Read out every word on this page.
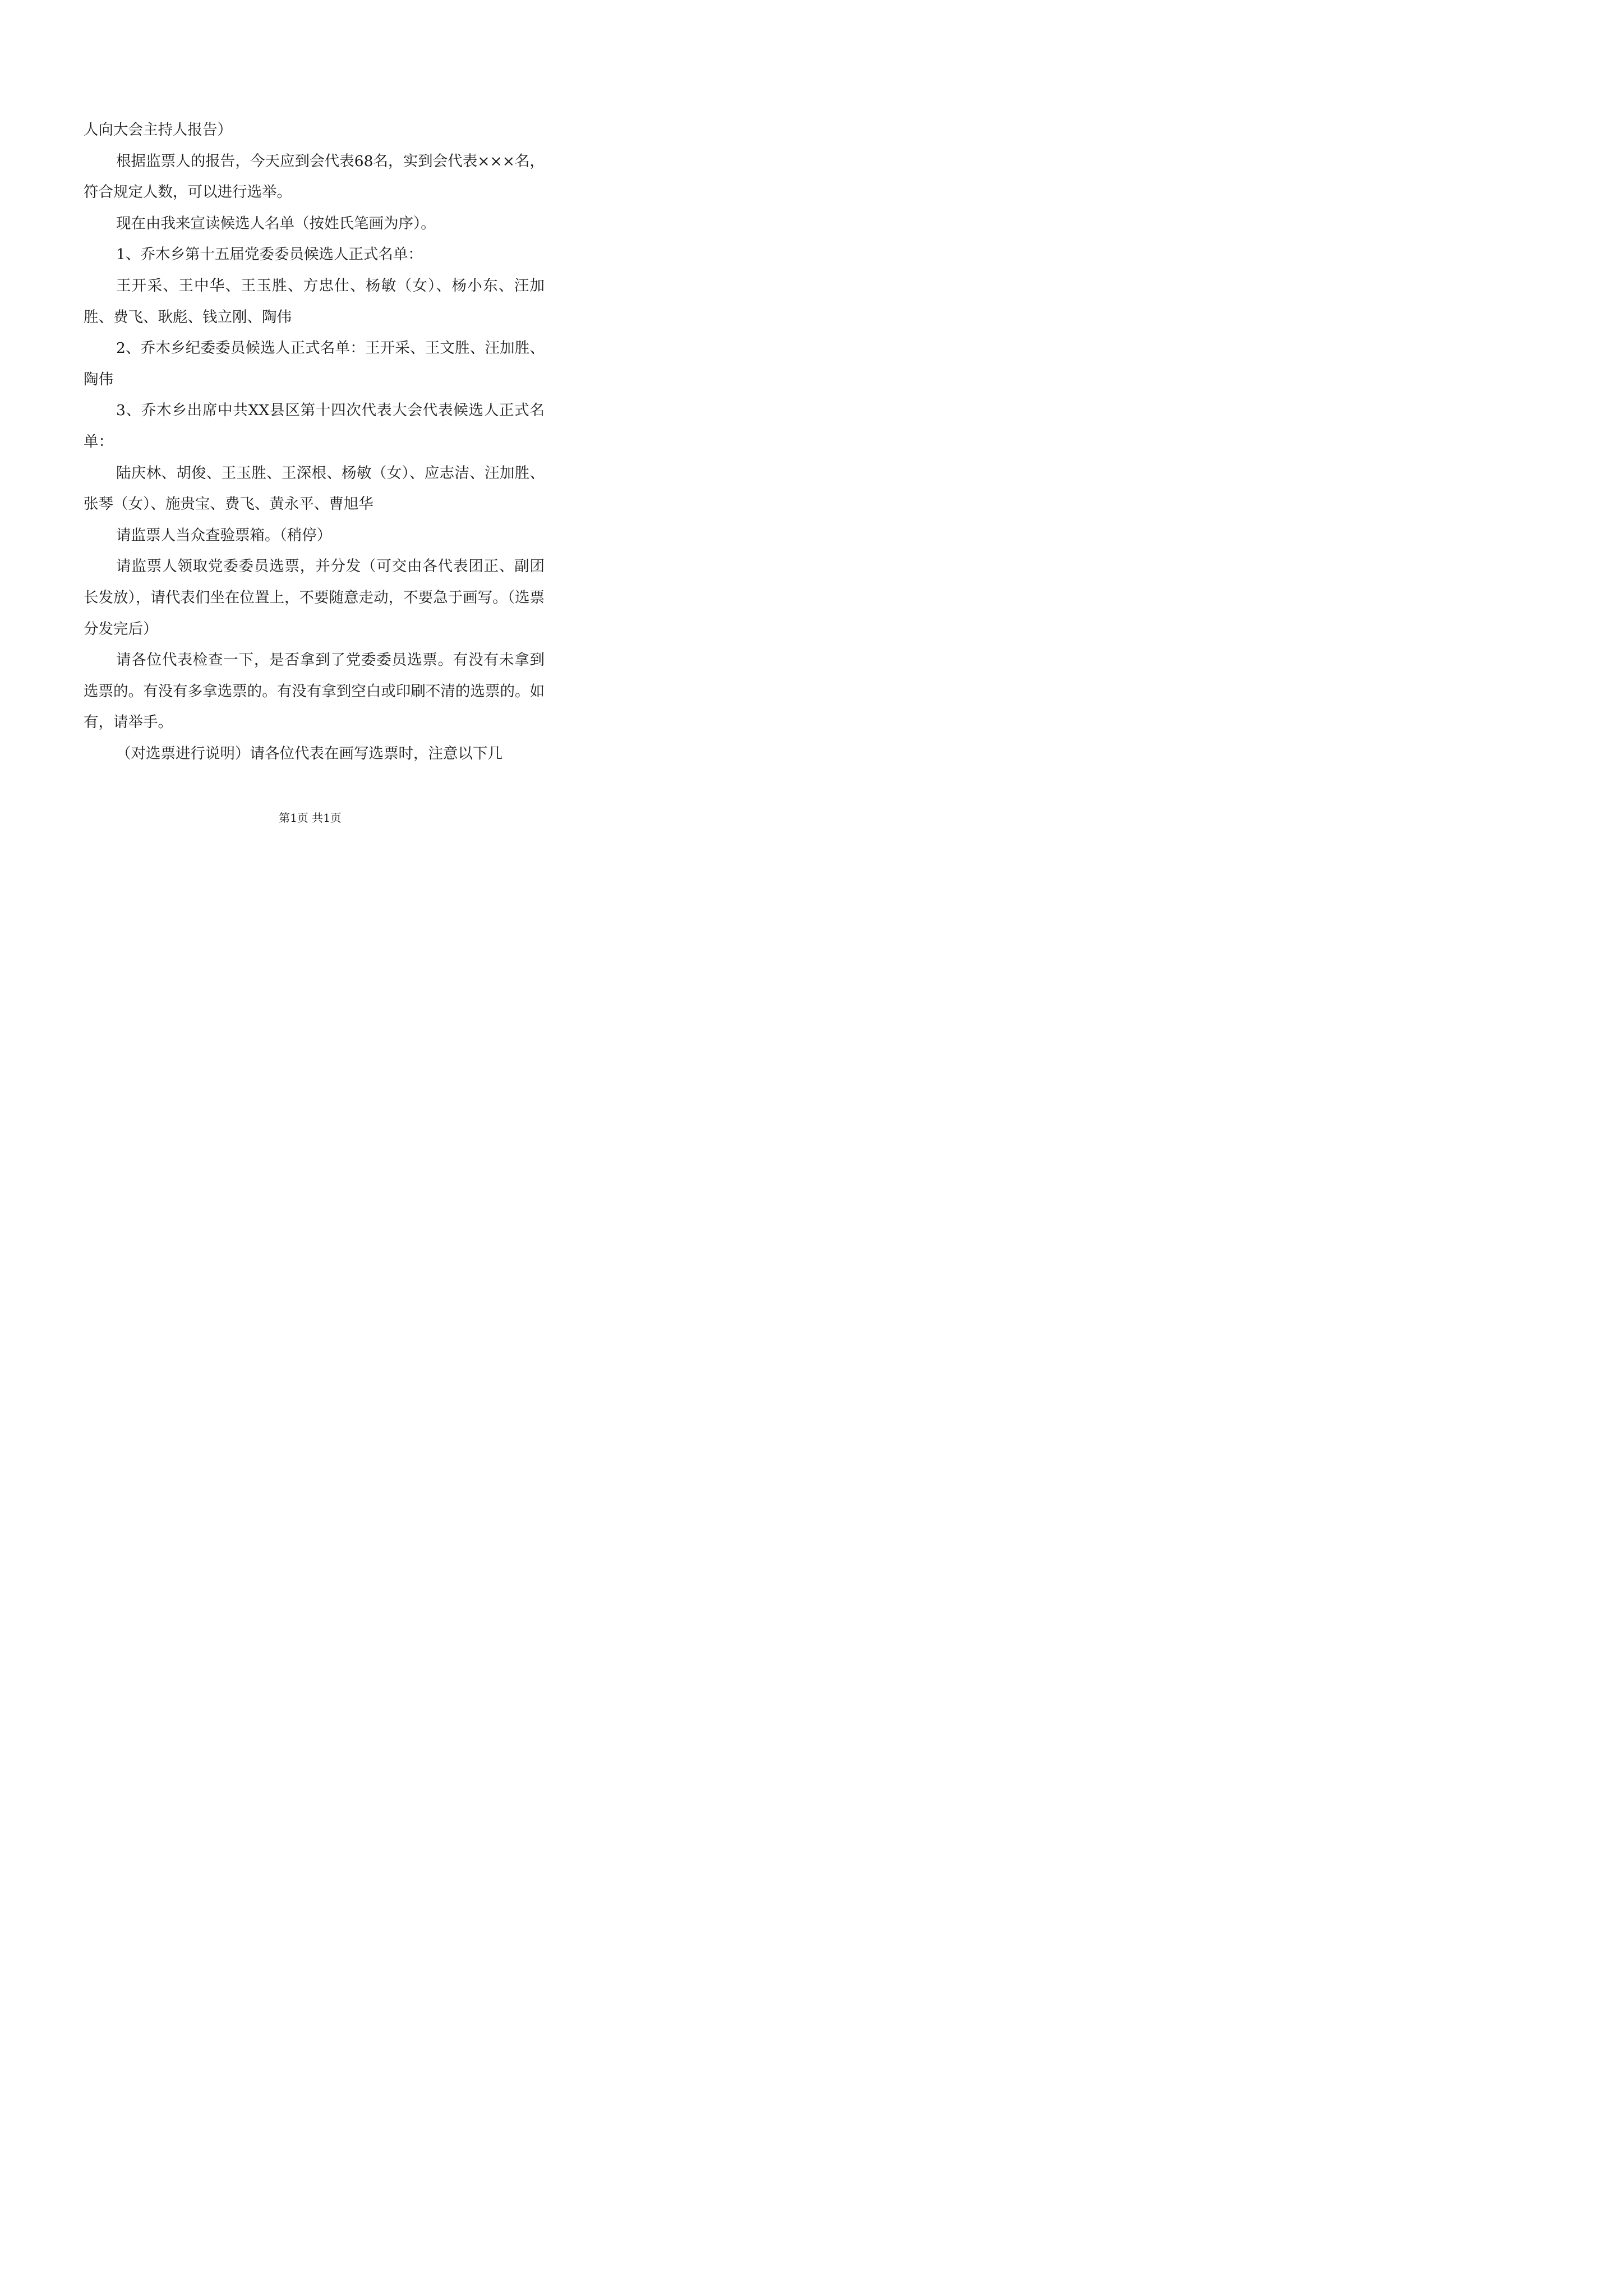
人向大会主持人报告）

根据监票人的报告，今天应到会代表68名，实到会代表×××名，符合规定人数，可以进行选举。

现在由我来宣读候选人名单（按姓氏笔画为序）。

1、乔木乡第十五届党委委员候选人正式名单：

王开采、王中华、王玉胜、方忠仕、杨敏（女）、杨小东、汪加胜、费飞、耿彪、钱立刚、陶伟

2、乔木乡纪委委员候选人正式名单：王开采、王文胜、汪加胜、陶伟

3、乔木乡出席中共XX县区第十四次代表大会代表候选人正式名单：

陆庆林、胡俊、王玉胜、王深根、杨敏（女）、应志洁、汪加胜、张琴（女）、施贵宝、费飞、黄永平、曹旭华

请监票人当众查验票箱。（稍停）

请监票人领取党委委员选票，并分发（可交由各代表团正、副团长发放），请代表们坐在位置上，不要随意走动，不要急于画写。（选票分发完后）

请各位代表检查一下，是否拿到了党委委员选票。有没有未拿到选票的。有没有多拿选票的。有没有拿到空白或印刷不清的选票的。如有，请举手。

（对选票进行说明）请各位代表在画写选票时，注意以下几

第1页 共1页
